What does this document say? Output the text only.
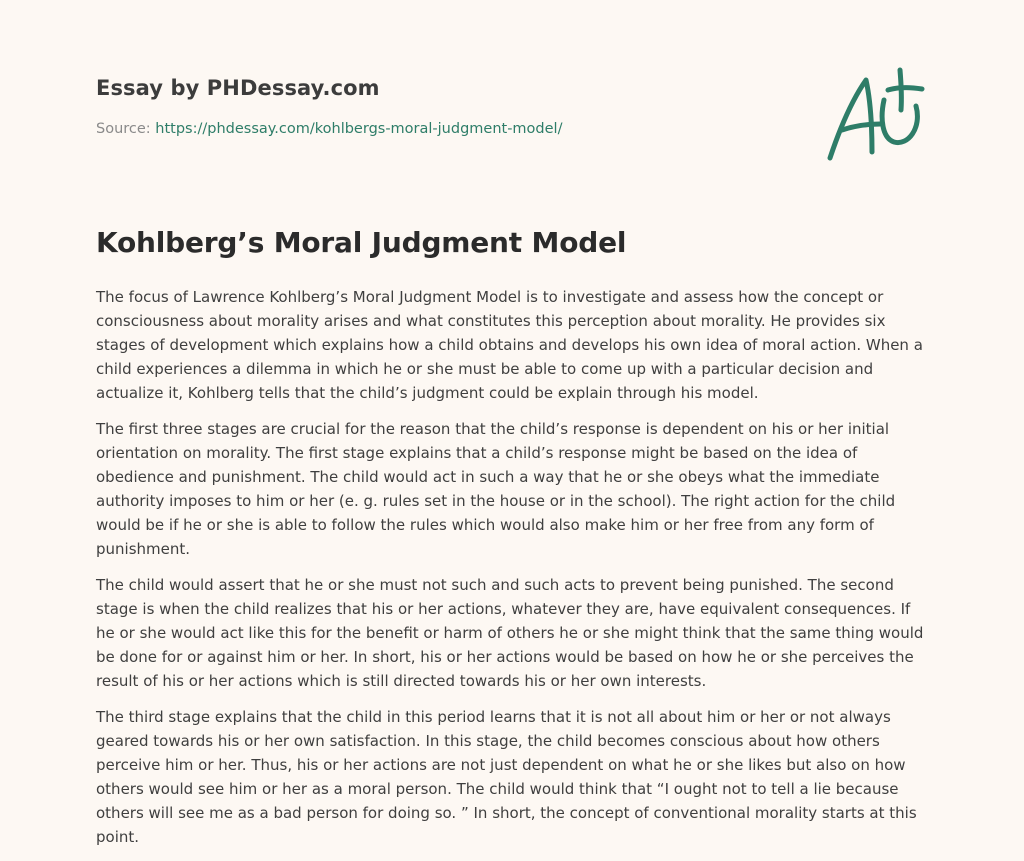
Essay by PHDessay.com
Source: https://phdessay.com/kohlbergs-moral-judgment-model/
Kohlberg’s Moral Judgment Model

The focus of Lawrence Kohlberg’s Moral Judgment Model is to investigate and assess how the concept or consciousness about morality arises and what constitutes this perception about morality. He provides six stages of development which explains how a child obtains and develops his own idea of moral action. When a child experiences a dilemma in which he or she must be able to come up with a particular decision and actualize it, Kohlberg tells that the child’s judgment could be explain through his model.

The first three stages are crucial for the reason that the child’s response is dependent on his or her initial orientation on morality. The first stage explains that a child’s response might be based on the idea of obedience and punishment. The child would act in such a way that he or she obeys what the immediate authority imposes to him or her (e. g. rules set in the house or in the school). The right action for the child would be if he or she is able to follow the rules which would also make him or her free from any form of punishment.

The child would assert that he or she must not such and such acts to prevent being punished. The second stage is when the child realizes that his or her actions, whatever they are, have equivalent consequences. If he or she would act like this for the benefit or harm of others he or she might think that the same thing would be done for or against him or her. In short, his or her actions would be based on how he or she perceives the result of his or her actions which is still directed towards his or her own interests.

The third stage explains that the child in this period learns that it is not all about him or her or not always geared towards his or her own satisfaction. In this stage, the child becomes conscious about how others perceive him or her. Thus, his or her actions are not just dependent on what he or she likes but also on how others would see him or her as a moral person. The child would think that “I ought not to tell a lie because others will see me as a bad person for doing so. ” In short, the concept of conventional morality starts at this point.
